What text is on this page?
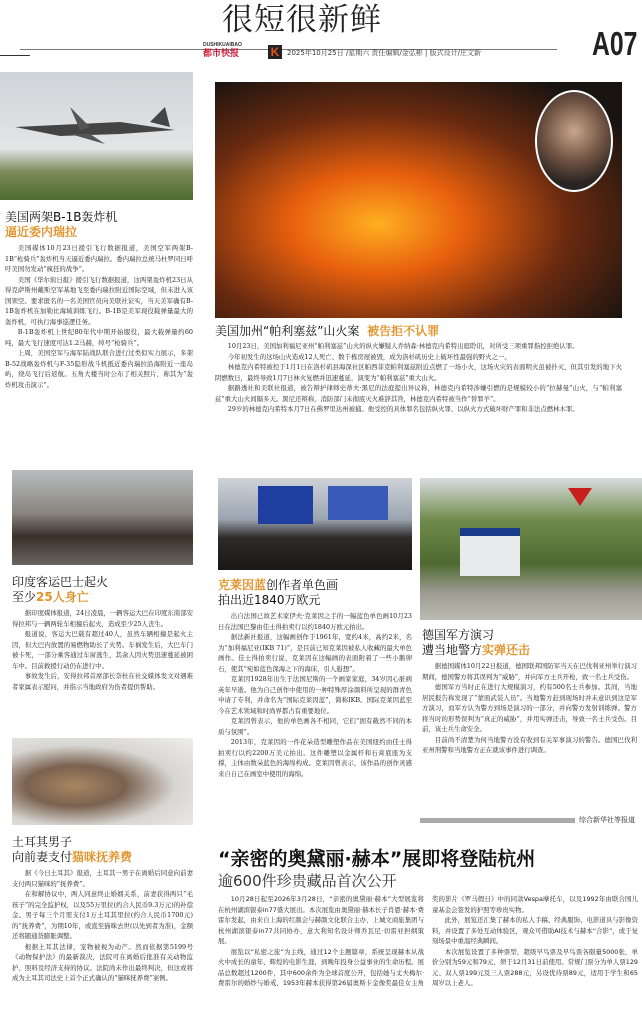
很短很新鲜
DUSHIKUAIBAO
都市快报	K	2025年10月25日 /星期六 责任编辑/金弘彬 | 版式设计/庄文新	A07
美国两架B-1B轰炸机
逼近委内瑞拉

美国媒体10月23日援引飞行数据报道，美国空军两架B-1B“枪骑兵”轰炸机当天逼近委内瑞拉。委内瑞拉总统马杜罗同日呼吁美国勿发动“疯狂的战争”。

美国《华尔街日报》援引飞行数据报道，这两架轰炸机23日从得克萨斯州戴斯空军基地飞至委内瑞拉附近国际空域，但未进入该国领空。要求匿名的一名美国官员向美联社证实，当天美军确有B-1B轰炸机在加勒比海域训练飞行。B-1B是美军现役载弹量最大的轰炸机，可执行海事巡逻任务。

B-1B轰炸机上世纪80年代中期开始服役，最大载弹量约60吨，最大飞行速度可达1.2马赫，绰号“枪骑兵”。

上周，美国空军与海军陆战队联合进行过类似实力展示，多架B-52战略轰炸机与F-35隐形战斗机抵近委内瑞拉沿海附近一座岛屿，绕岛飞行后返航。五角大楼当时公布了相关照片，称其为“轰炸机攻击演示”。

美国加州“帕利塞兹”山火案 被告拒不认罪

10月23日，美国加利福尼亚州“帕利塞兹”山火的纵火嫌疑人乔纳森·林德克内希特出庭聆讯，对所受三项重罪指控拒绝认罪。

今年初发生的这场山火造成12人死亡、数千栋房屋被毁，成为洛杉矶历史上破坏性最强的野火之一。

林德克内希特被控于1月1日在洛杉矶县海深社区帕西菲克帕利塞兹附近点燃了一场小火，这场火灾的表面明火虽被扑灭，但其引发的地下火阴燃数日，最终导致1月7日林火复燃并迅速蔓延，演变为“帕利塞兹”重大山火。

据路透社和美联社报道，被告辩护律师史蒂夫·黑尼的法庭提出异议称，林德克内希特涉嫌引燃的是规模较小的“拉赫曼”山火，与“帕利塞兹”重大山火间隔多天。黑尼还辩称，消防部门未彻底灭火难辞其咎，林德克内希特被当作“替罪羊”。

29岁的林德克内希特本月7日在佛罗里达州被捕。他受控的具体罪名包括纵火罪、以纵火方式破坏财产罪和非法点燃林木罪。

印度客运巴士起火
至少25人身亡

据印度媒体报道，24日凌晨，一辆客运大巴在印度东南部安得拉邦与一辆两轮车相撞后起火，造成至少25人丧生。

报道说，客运大巴载有超过40人，虽然车辆相撞是起火主因，但大巴内放置的易燃物助长了火势。车祸发生后，大巴车门被卡死，一部分乘客通过车窗逃生，其余人因火势迅速蔓延被困车中。目前救援行动仍在进行中。

事故发生后，安得拉邦首席部长奈杜在社交媒体发文对遇难者家属表示慰问，并指示当地政府为伤者提供帮助。

土耳其男子
向前妻支付猫咪抚养费

据《今日土耳其》报道，土耳其一男子在离婚后同意向前妻支付两只猫咪的“抚养费”。

在和解协议中，两人同意终止婚姻关系，前妻获得两只“毛孩子”的完全监护权，以及55万里拉(约合人民币9.3万元)的补偿金。男子每三个月需支付1万土耳其里拉(约合人民币1700元)的“抚养费”，为期10年，或直至猫咪去世(以先到者为准)，金额还将随通货膨胀调整。

根据土耳其法律，宠物被视为动产。然而依据第5199号《动物保护法》的最新裁决，法院可在离婚后批准有关动物监护、照料及经济支持的协议。法院尚未作出最终判决，但这或将成为土耳其司法史上首个正式确认的“猫咪抚养费”案例。

克莱因蓝创作者单色画
拍出近1840万欧元

出自法国已故艺术家伊夫·克莱因之手的一幅蓝色单色画10月23日在法国巴黎由佳士得拍卖行以约1840万欧元拍出。

据法新社报道，这幅画创作于1961年，宽约4米，高约2米，名为“加利福尼亚(IKB 71)”，是目前已知克莱因被私人收藏的最大单色画作。佳士得拍卖行说，克莱因在这幅画的表面附着了一些小鹅卵石，使其“宛如蓝色深海之下的海床，引人遐想”。

克莱因1928年出生于法国尼斯的一个画家家庭，34岁因心脏病英年早逝。他为自己创作中使用的一种特殊厚涂颜料所呈现的群青色申请了专利，并命名为“国际克莱因蓝”，简称IKB。国际克莱因蓝至今在艺术领域和时尚界都占有重要地位。

克莱因曾表示，他的单色画各不相同，它们“拥有截然不同的本质与氛围”。

2013年，克莱因的一件花朵造型雕塑作品在美国纽约由佳士得拍卖行以约2200万美元拍出。这件雕塑以金属杆和石膏底座为支撑，主体由数朵蓝色的海绵构成。克莱因曾表示，该作品的创作灵感来自自己在画室中使用的海绵。

德国军方演习
遭当地警方实弹还击

据德国媒体10月22日报道，德国联邦国防军当天在巴伐利亚州举行演习期间，德国警方将其误判为“威胁”，并向军方士兵开枪，致一名士兵受伤。

德国军方当时正在进行大规模演习，约有500名士兵参加。其间，当地居民报告称发现了“蒙面武装人员”。当地警方赶到现场时并未意识到这是军方演习，而军方认为警方到场是演习的一部分，并向警方发射训练弹。警方将当时的形势误判为“真正的威胁”，并用实弹还击，导致一名士兵受伤。目前，该士兵生命安全。

目前尚不清楚为何当地警方没有收到有关军事演习的警告。德国巴伐利亚州刑警和当地警方正在就该事件进行调查。

综合新华社等报道
“亲密的奥黛丽·赫本”展即将登陆杭州
逾600件珍贵藏品首次公开

10月28日起至2026年3月28日，“亲密的奥黛丽·赫本”大型展览将在杭州湖滨银泰in77盛大展出。本次展览由奥黛丽·赫本长子肖恩·赫本·费雷尔发起，由来自上海的红颜会与赫颜文化联合主办，上城文商旅集团与杭州湖滨银泰in77共同协办，意大利知名设计师乔瓦尼·切雷亚担纲策展。

展览以“私密之旅”为主线，通过12个主题篇章，系统呈现赫本从战火中成长的童年、辉煌的电影生涯，到晚年投身公益事业的生命历程。展品总数超过1200件，其中600余件为全球首度公开，包括她与丈夫梅尔·费雷尔的婚纱与婚戒、1953年赫本获得第26届奥斯卡金像奖最佳女主角奖的影片《罗马假日》中的同款Vespa摩托车，以及1992年由联合国儿童基金会签发的护照等珍贵实物。

此外，展览还汇集了赫本的私人手稿、经典服饰、电影道具与影像资料，并设置了多处互动体验区，观众可借助AI技术与赫本“合影”，或于复刻场景中重温经典瞬间。

本次展览设置了多种票型，超级早鸟票及早鸟票各限量5000张，单价分别为59元和79元，须于12月31日前使用。常规门票分为单人票129元、双人票199元及三人票288元，另设优待票89元，适用于学生和65周岁以上老人。
